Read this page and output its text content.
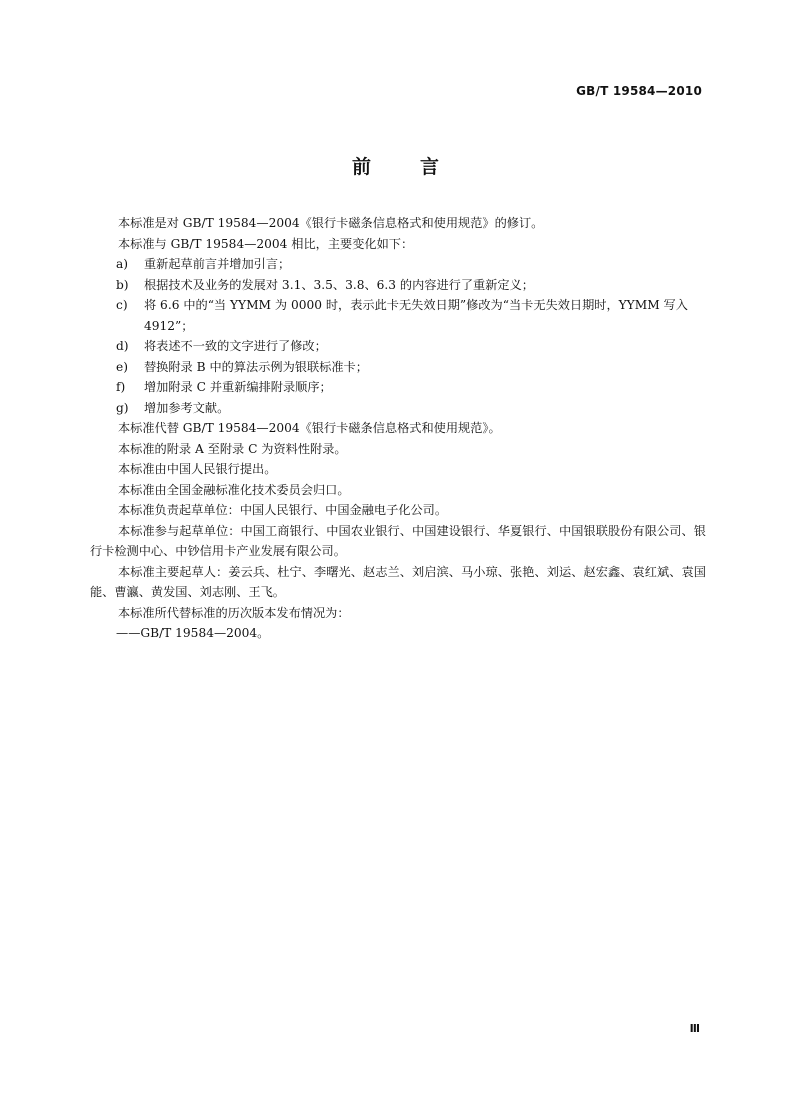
GB/T 19584—2010
前	言

本标准是对 GB/T 19584—2004《银行卡磁条信息格式和使用规范》的修订。

本标准与 GB/T 19584—2004 相比，主要变化如下：

a) 重新起草前言并增加引言；

b) 根据技术及业务的发展对 3.1、3.5、3.8、6.3 的内容进行了重新定义；

c) 将 6.6 中的“当 YYMM 为 0000 时，表示此卡无失效日期”修改为“当卡无失效日期时，YYMM 写入 4912”；

d) 将表述不一致的文字进行了修改；

e) 替换附录 B 中的算法示例为银联标准卡；

f) 增加附录 C 并重新编排附录顺序；

g) 增加参考文献。

本标准代替 GB/T 19584—2004《银行卡磁条信息格式和使用规范》。

本标准的附录 A 至附录 C 为资料性附录。

本标准由中国人民银行提出。

本标准由全国金融标准化技术委员会归口。

本标准负责起草单位：中国人民银行、中国金融电子化公司。

本标准参与起草单位：中国工商银行、中国农业银行、中国建设银行、华夏银行、中国银联股份有限公司、银行卡检测中心、中钞信用卡产业发展有限公司。

本标准主要起草人：姜云兵、杜宁、李曙光、赵志兰、刘启滨、马小琼、张艳、刘运、赵宏鑫、袁红斌、袁国能、曹瀛、黄发国、刘志刚、王飞。

本标准所代替标准的历次版本发布情况为：

——GB/T 19584—2004。

Ⅲ
